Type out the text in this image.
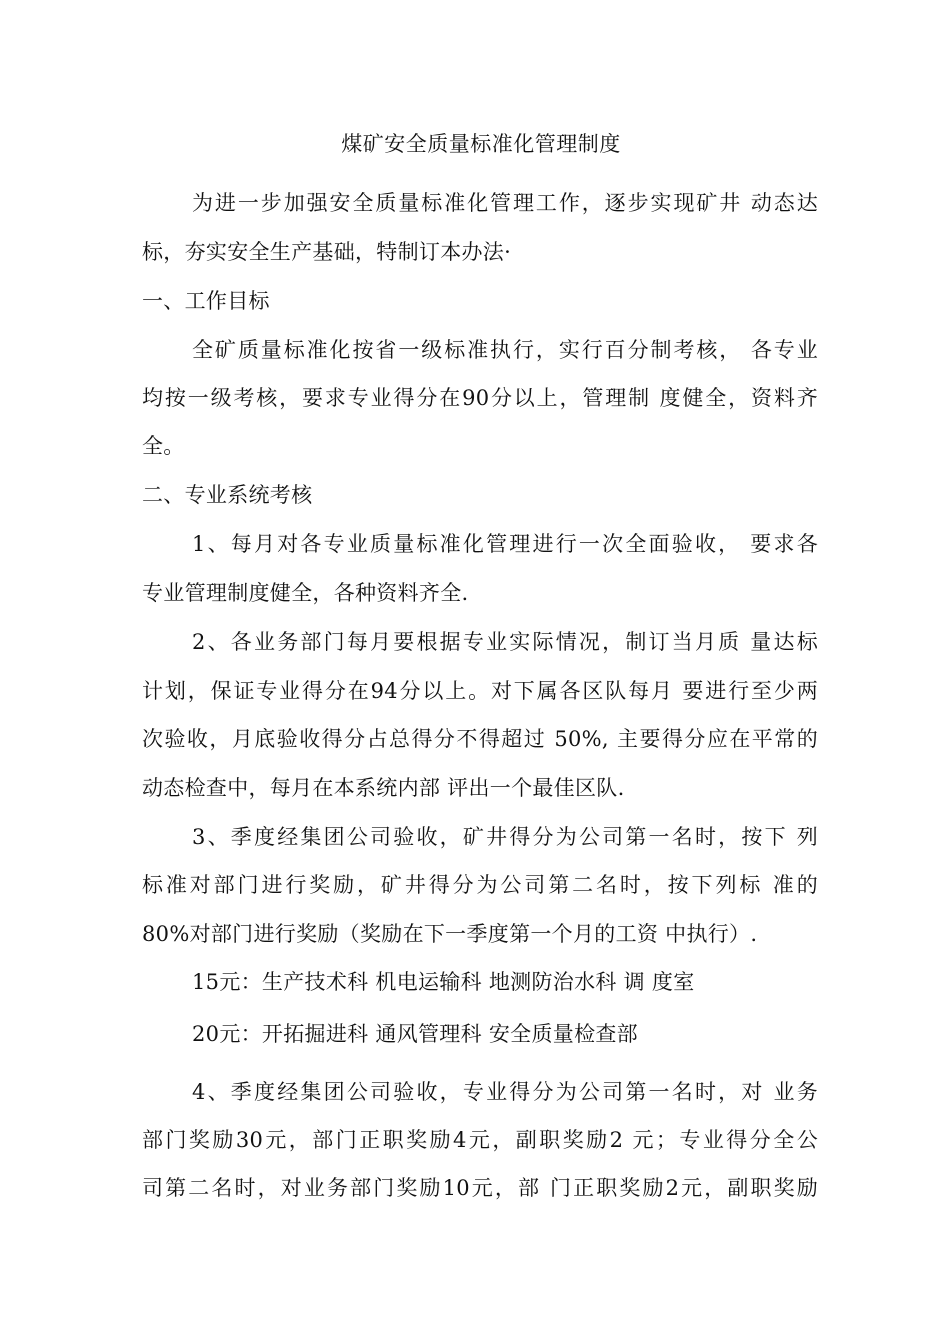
煤矿安全质量标准化管理制度
为进一步加强安全质量标准化管理工作，逐步实现矿井 动态达
标，夯实安全生产基础，特制订本办法·
一、工作目标
全矿质量标准化按省一级标准执行，实行百分制考核， 各专业
均按一级考核，要求专业得分在90分以上，管理制 度健全，资料齐
全。
二、专业系统考核
1、每月对各专业质量标准化管理进行一次全面验收， 要求各
专业管理制度健全，各种资料齐全.
2、各业务部门每月要根据专业实际情况，制订当月质 量达标
计划，保证专业得分在94分以上。对下属各区队每月 要进行至少两
次验收，月底验收得分占总得分不得超过 50%, 主要得分应在平常的
动态检查中，每月在本系统内部 评出一个最佳区队.
3、季度经集团公司验收，矿井得分为公司第一名时，按下 列
标准对部门进行奖励，矿井得分为公司第二名时，按下列标 准的
80%对部门进行奖励（奖励在下一季度第一个月的工资 中执行）.
15元：生产技术科 机电运输科 地测防治水科 调 度室
20元：开拓掘进科 通风管理科 安全质量检查部
4、季度经集团公司验收，专业得分为公司第一名时，对 业务
部门奖励30元，部门正职奖励4元，副职奖励2 元；专业得分全公
司第二名时，对业务部门奖励10元，部 门正职奖励2元，副职奖励
